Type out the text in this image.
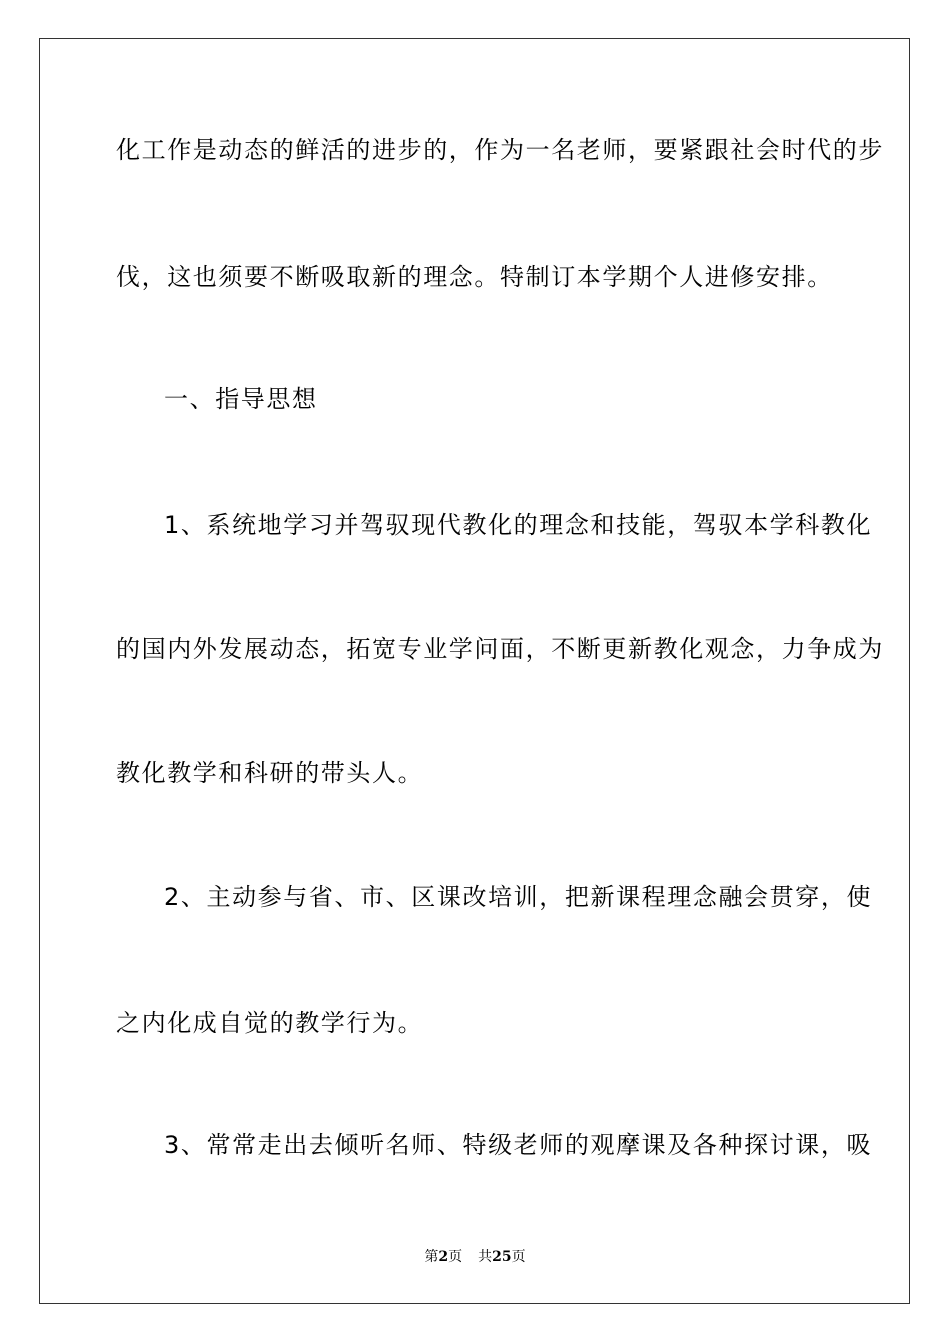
化工作是动态的鲜活的进步的，作为一名老师，要紧跟社会时代的步
伐，这也须要不断吸取新的理念。特制订本学期个人进修安排。
一、指导思想
1、系统地学习并驾驭现代教化的理念和技能，驾驭本学科教化
的国内外发展动态，拓宽专业学问面，不断更新教化观念，力争成为
教化教学和科研的带头人。
2、主动参与省、市、区课改培训，把新课程理念融会贯穿，使
之内化成自觉的教学行为。
3、常常走出去倾听名师、特级老师的观摩课及各种探讨课，吸
第2页 共25页
